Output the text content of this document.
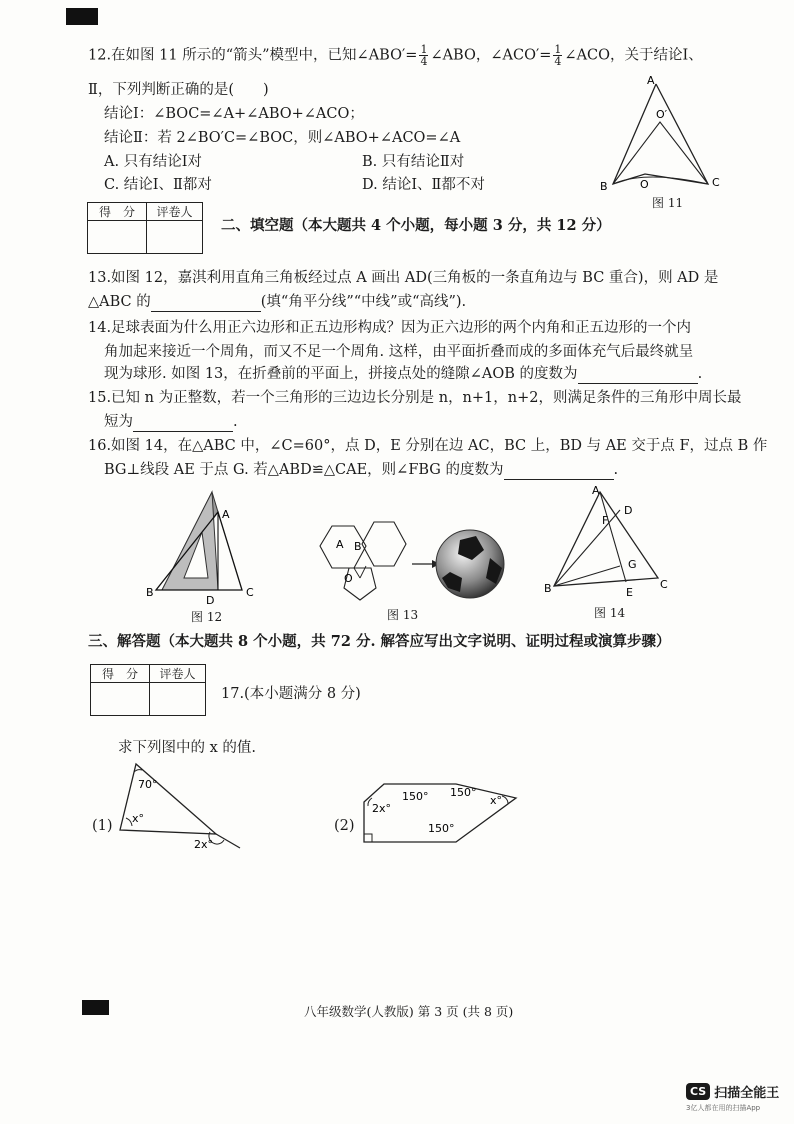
12.在如图 11 所示的“箭头”模型中，已知∠ABO′= $\frac{1}{4}$ ∠ABO，∠ACO′= $\frac{1}{4}$ ∠ACO，关于结论Ⅰ、
Ⅱ，下列判断正确的是(　　)
结论Ⅰ：∠BOC=∠A+∠ABO+∠ACO；
结论Ⅱ：若 2∠BO′C=∠BOC，则∠ABO+∠ACO=∠A
A. 只有结论Ⅰ对	B. 只有结论Ⅱ对
C. 结论Ⅰ、Ⅱ都对	D. 结论Ⅰ、Ⅱ都不对
A
O′
O
B	C
图 11
得　分	评卷人

二、填空题（本大题共 4 个小题，每小题 3 分，共 12 分）
13.如图 12，嘉淇利用直角三角板经过点 A 画出 AD(三角板的一条直角边与 BC 重合)，则 AD 是
△ABC 的	(填“角平分线”“中线”或“高线”).
14.足球表面为什么用正六边形和正五边形构成？因为正六边形的两个内角和正五边形的一个内
角加起来接近一个周角，而又不足一个周角. 这样，由平面折叠而成的多面体充气后最终就呈
现为球形. 如图 13，在折叠前的平面上，拼接点处的缝隙∠AOB 的度数为	.
15.已知 n 为正整数，若一个三角形的三边边长分别是 n，n+1，n+2，则满足条件的三角形中周长最
短为	.
16.如图 14，在△ABC 中，∠C=60°，点 D，E 分别在边 AC，BC 上，BD 与 AE 交于点 F，过点 B 作
BG⊥线段 AE 于点 G. 若△ABD≌△CAE，则∠FBG 的度数为	.
A
B	C
D
图 12
A B
O
图 13
A
D
F
G
B	C
E
图 14
三、解答题（本大题共 8 个小题，共 72 分. 解答应写出文字说明、证明过程或演算步骤）
得　分	评卷人

17.(本小题满分 8 分)
求下列图中的 x 的值.
(1)
70°
x°
2x°
(2)
2x°
150° 150°
150°
x°
八年级数学(人教版) 第 3 页 (共 8 页)
CS 扫描全能王
3亿人都在用的扫描App
